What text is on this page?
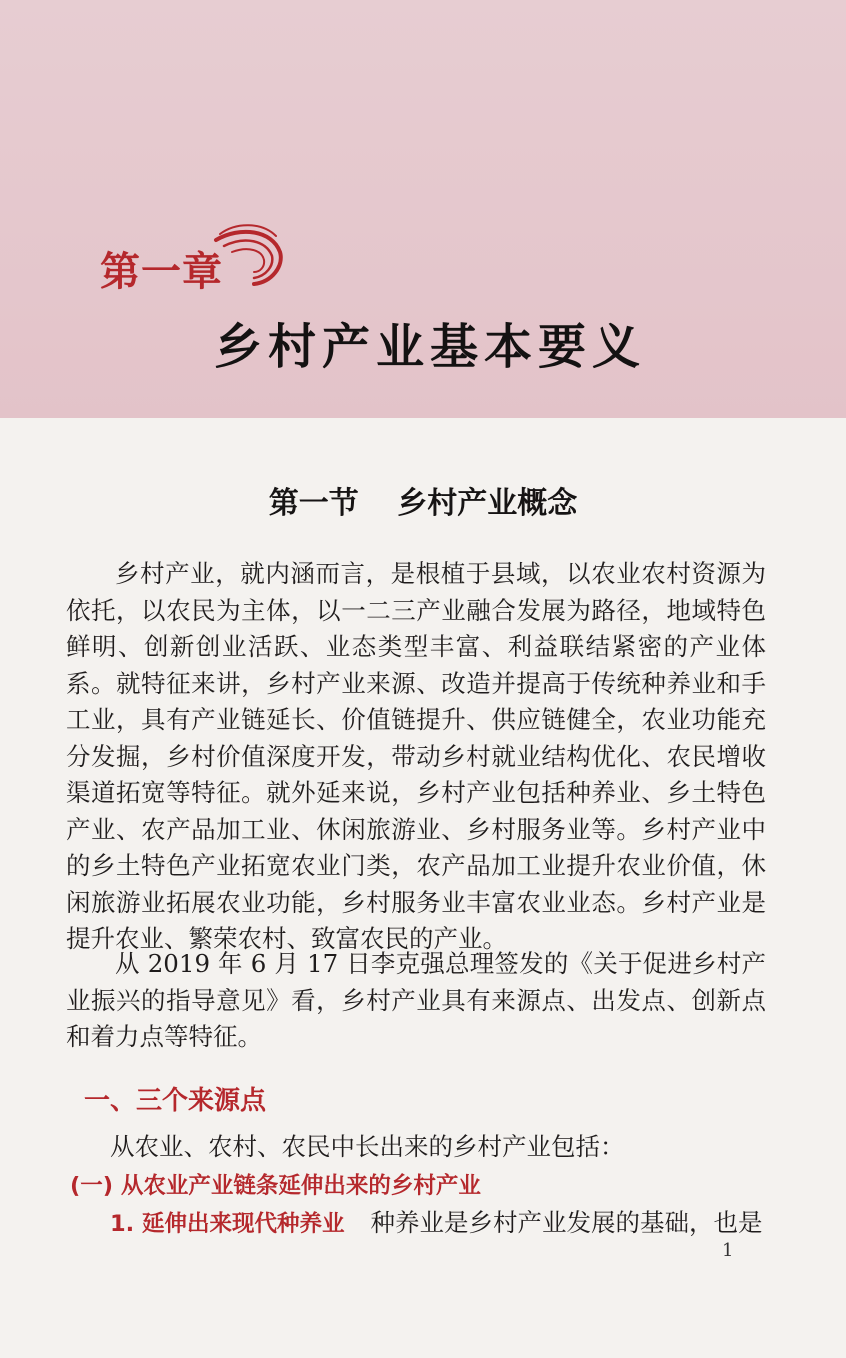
第一章
乡村产业基本要义
第一节 乡村产业概念

乡村产业，就内涵而言，是根植于县域，以农业农村资源为依托，以农民为主体，以一二三产业融合发展为路径，地域特色鲜明、创新创业活跃、业态类型丰富、利益联结紧密的产业体系。就特征来讲，乡村产业来源、改造并提高于传统种养业和手工业，具有产业链延长、价值链提升、供应链健全，农业功能充分发掘，乡村价值深度开发，带动乡村就业结构优化、农民增收渠道拓宽等特征。就外延来说，乡村产业包括种养业、乡土特色产业、农产品加工业、休闲旅游业、乡村服务业等。乡村产业中的乡土特色产业拓宽农业门类，农产品加工业提升农业价值，休闲旅游业拓展农业功能，乡村服务业丰富农业业态。乡村产业是提升农业、繁荣农村、致富农民的产业。

从 2019 年 6 月 17 日李克强总理签发的《关于促进乡村产业振兴的指导意见》看，乡村产业具有来源点、出发点、创新点和着力点等特征。

一、三个来源点
从农业、农村、农民中长出来的乡村产业包括：
(一) 从农业产业链条延伸出来的乡村产业
1. 延伸出来现代种养业 种养业是乡村产业发展的基础，也是
1
